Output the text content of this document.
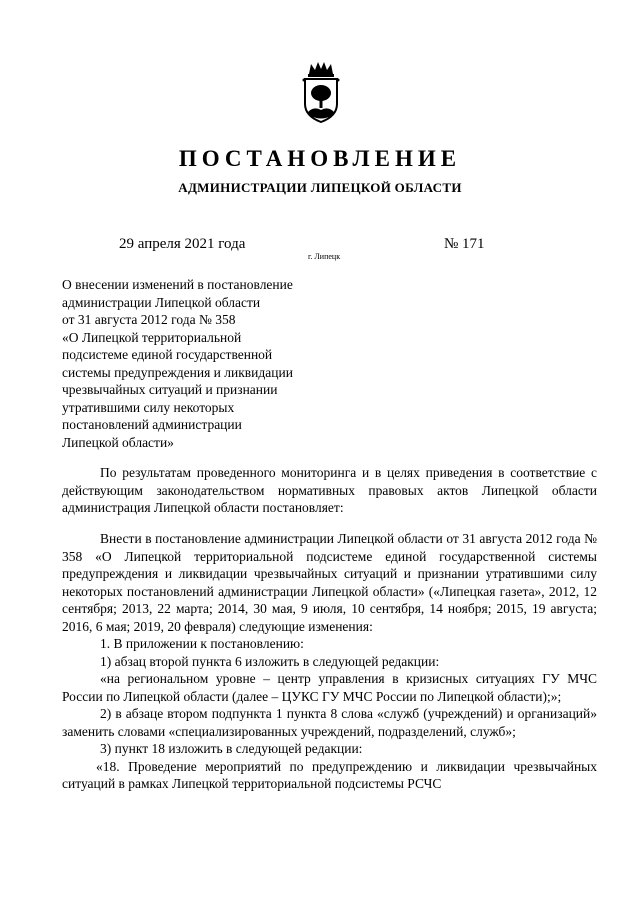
ПОСТАНОВЛЕНИЕ
АДМИНИСТРАЦИИ ЛИПЕЦКОЙ ОБЛАСТИ
29 апреля 2021 года
г. Липецк
№ 171
О внесении изменений в постановление
администрации Липецкой области
от 31 августа 2012 года № 358
«О Липецкой территориальной
подсистеме единой государственной
системы предупреждения и ликвидации
чрезвычайных ситуаций и признании
утратившими силу некоторых
постановлений администрации
Липецкой области»

По результатам проведенного мониторинга и в целях приведения в соответствие с действующим законодательством нормативных правовых актов Липецкой области администрация Липецкой области постановляет:

Внести в постановление администрации Липецкой области от 31 августа 2012 года № 358 «О Липецкой территориальной подсистеме единой государственной системы предупреждения и ликвидации чрезвычайных ситуаций и признании утратившими силу некоторых постановлений администрации Липецкой области» («Липецкая газета», 2012, 12 сентября; 2013, 22 марта; 2014, 30 мая, 9 июля, 10 сентября, 14 ноября; 2015, 19 августа; 2016, 6 мая; 2019, 20 февраля) следующие изменения:

1. В приложении к постановлению:

1) абзац второй пункта 6 изложить в следующей редакции:

«на региональном уровне – центр управления в кризисных ситуациях ГУ МЧС России по Липецкой области (далее – ЦУКС ГУ МЧС России по Липецкой области);»;

2) в абзаце втором подпункта 1 пункта 8 слова «служб (учреждений) и организаций» заменить словами «специализированных учреждений, подразделений, служб»;

3) пункт 18 изложить в следующей редакции:

«18. Проведение мероприятий по предупреждению и ликвидации чрезвычайных ситуаций в рамках Липецкой территориальной подсистемы РСЧС
